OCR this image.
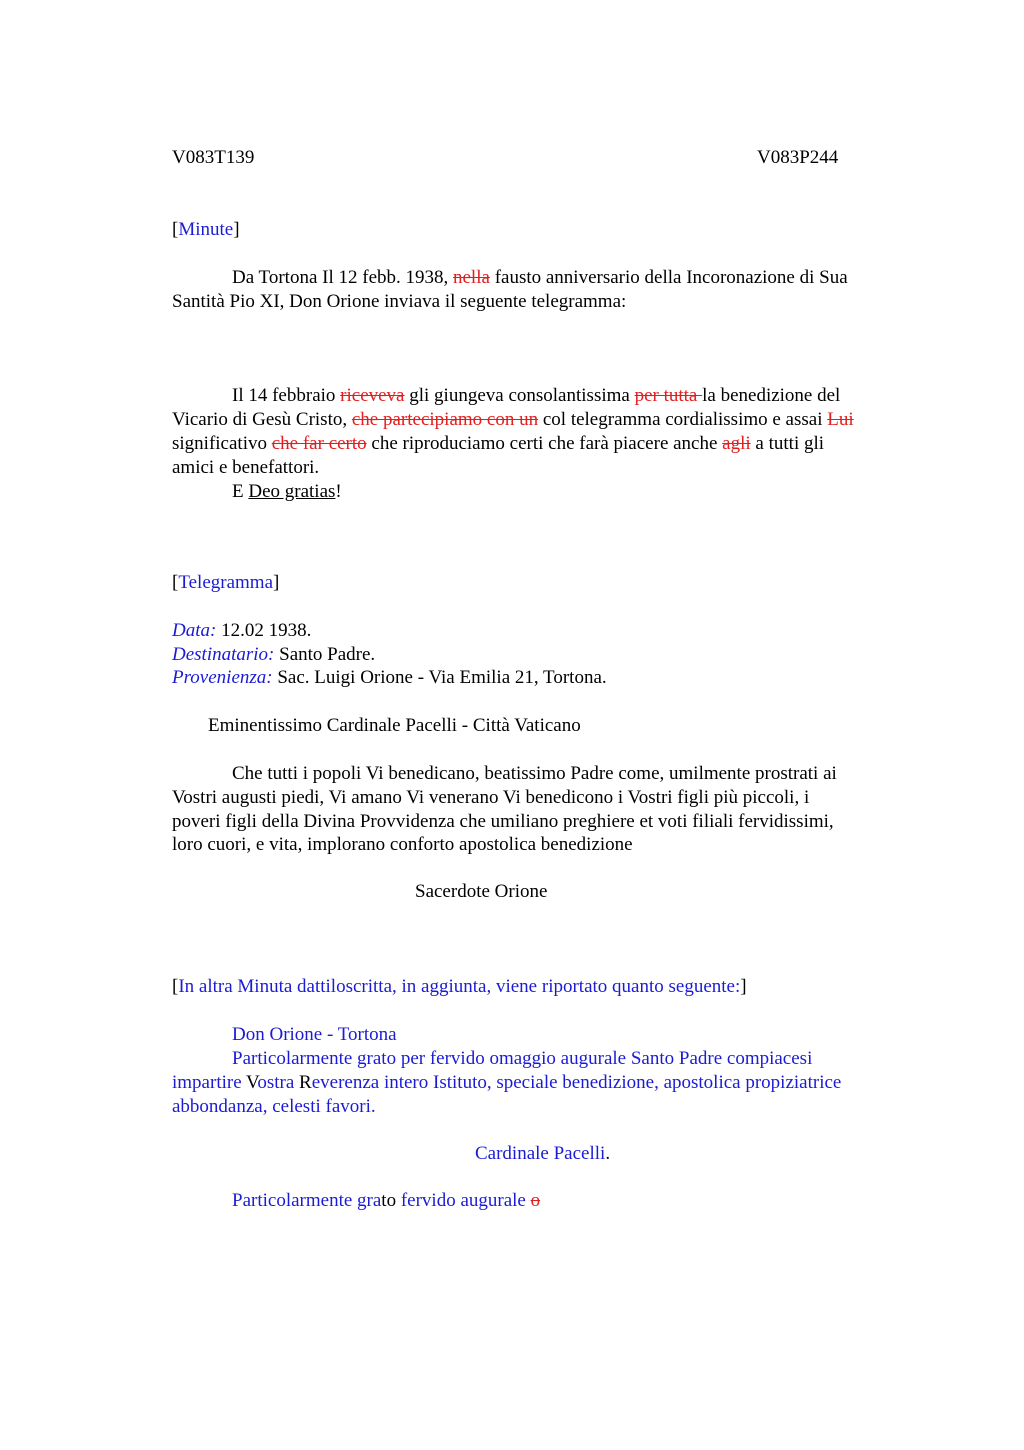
V083T139	V083P244
[Minute]
Da Tortona Il 12 febb. 1938, nella fausto anniversario della Incoronazione di Sua
Santità Pio XI, Don Orione inviava il seguente telegramma:
Il 14 febbraio riceveva gli giungeva consolantissima per tutta la benedizione del
Vicario di Gesù Cristo, che partecipiamo con un col telegramma cordialissimo e assai Lui
significativo che far certo che riproduciamo certi che farà piacere anche agli a tutti gli
amici e benefattori.
E Deo gratias!
[Telegramma]
Data: 12.02 1938.
Destinatario: Santo Padre.
Provenienza: Sac. Luigi Orione - Via Emilia 21, Tortona.
Eminentissimo Cardinale Pacelli - Città Vaticano
Che tutti i popoli Vi benedicano, beatissimo Padre come, umilmente prostrati ai
Vostri augusti piedi, Vi amano Vi venerano Vi benedicono i Vostri figli più piccoli, i
poveri figli della Divina Provvidenza che umiliano preghiere et voti filiali fervidissimi,
loro cuori, e vita, implorano conforto apostolica benedizione
Sacerdote Orione
[In altra Minuta dattiloscritta, in aggiunta, viene riportato quanto seguente:]
Don Orione - Tortona
Particolarmente grato per fervido omaggio augurale Santo Padre compiacesi
impartire Vostra Reverenza intero Istituto, speciale benedizione, apostolica propiziatrice
abbondanza, celesti favori.
Cardinale Pacelli.
Particolarmente grato fervido augurale o
